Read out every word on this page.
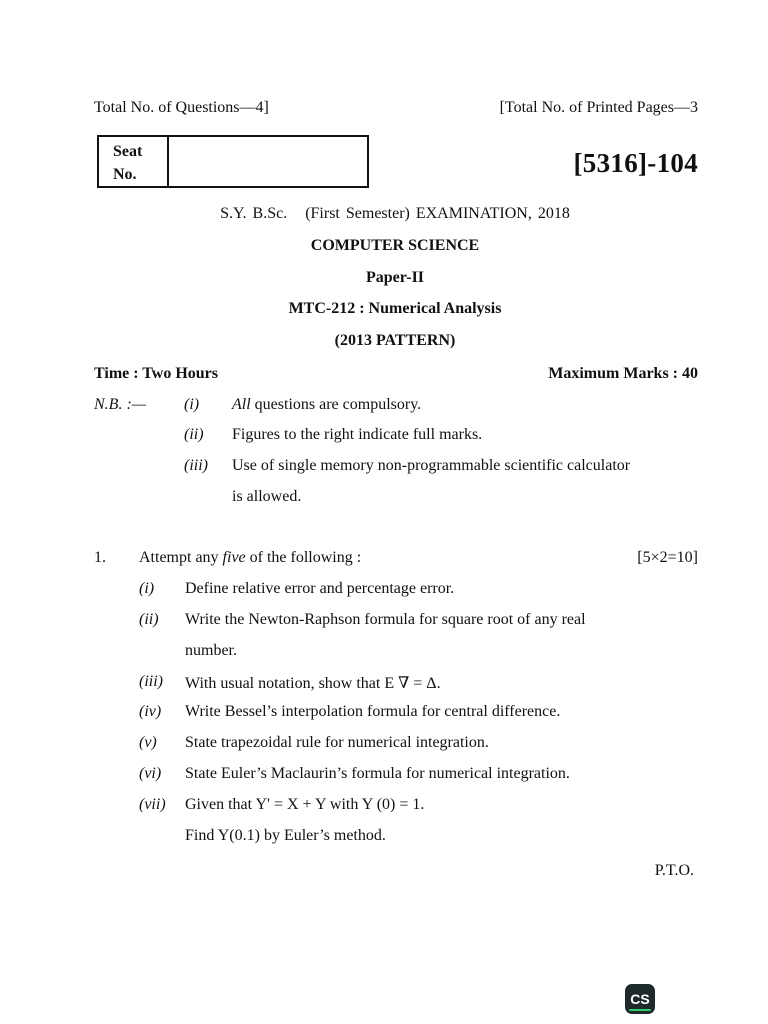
Total No. of Questions—4]	[Total No. of Printed Pages—3
Seat
No.	[5316]-104
S.Y. B.Sc.   (First Semester) EXAMINATION, 2018
COMPUTER SCIENCE
Paper-II
MTC-212 : Numerical Analysis
(2013 PATTERN)
Time : Two Hours	Maximum Marks : 40
N.B. :— (i) All questions are compulsory.
(ii) Figures to the right indicate full marks.
(iii) Use of single memory non-programmable scientific calculator
is allowed.
1. Attempt any five of the following :	[5×2=10]
(i) Define relative error and percentage error.
(ii) Write the Newton-Raphson formula for square root of any real
number.
(iii) With usual notation, show that E ∇ = Δ.
(iv) Write Bessel’s interpolation formula for central difference.
(v) State trapezoidal rule for numerical integration.
(vi) State Euler’s Maclaurin’s formula for numerical integration.
(vii) Given that Y' = X + Y with Y (0) = 1.
Find Y(0.1) by Euler’s method.
P.T.O.
CS
